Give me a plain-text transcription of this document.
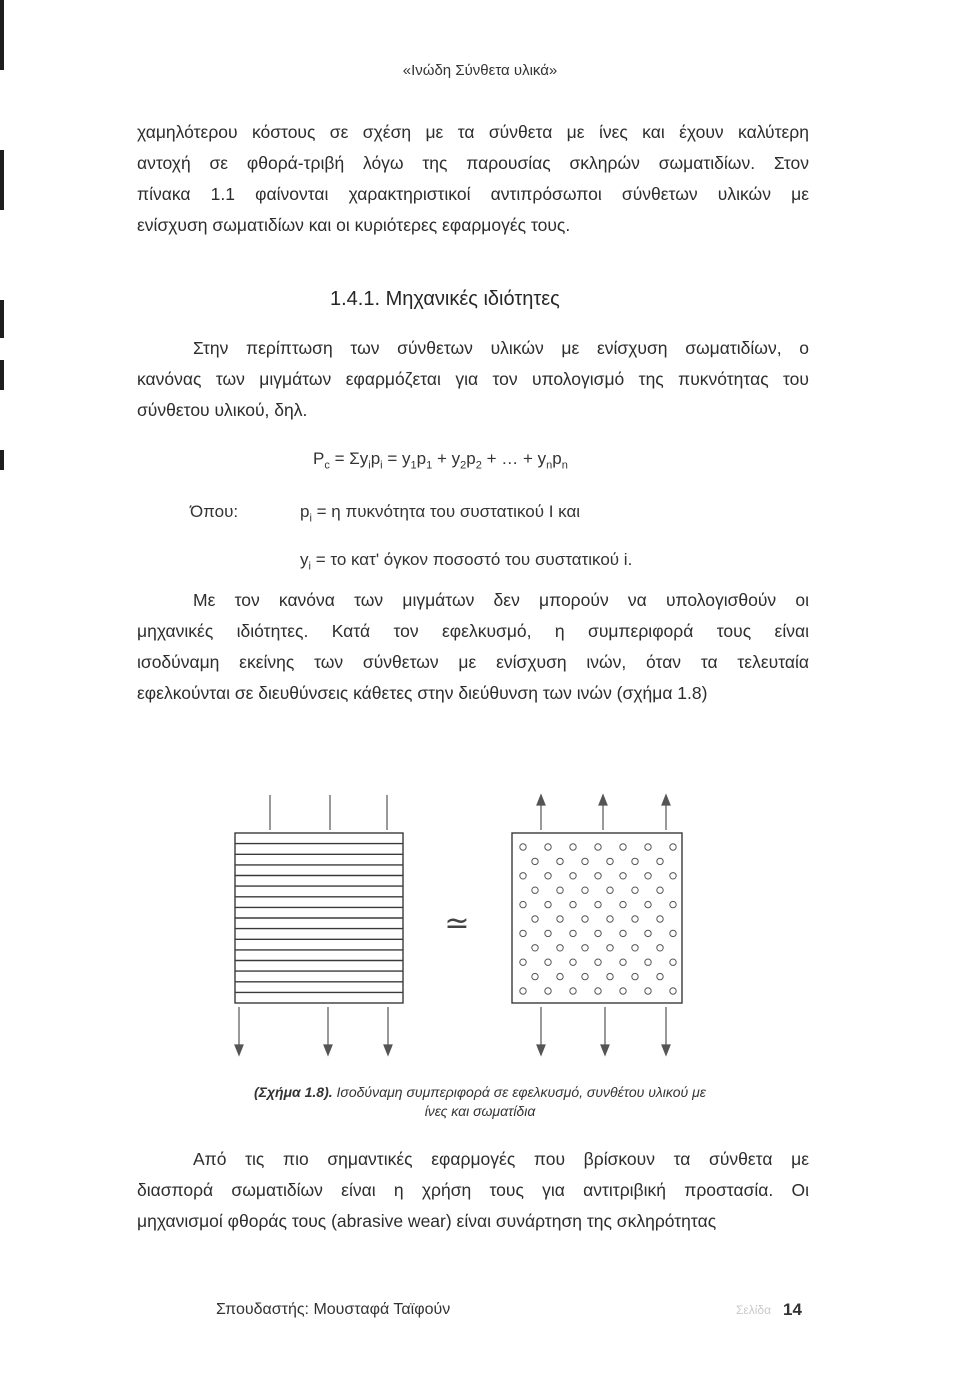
«Ινώδη Σύνθετα υλικά»

χαμηλότερου κόστους σε σχέση με τα σύνθετα με ίνες και έχουν καλύτερη
αντοχή σε φθορά-τριβή λόγω της παρουσίας σκληρών σωματιδίων. Στον
πίνακα 1.1 φαίνονται χαρακτηριστικοί αντιπρόσωποι σύνθετων υλικών με
ενίσχυση σωματιδίων και οι κυριότερες εφαρμογές τους.

1.4.1. Μηχανικές ιδιότητες

Στην περίπτωση των σύνθετων υλικών με ενίσχυση σωματιδίων, ο
κανόνας των μιγμάτων εφαρμόζεται για τον υπολογισμό της πυκνότητας του
σύνθετου υλικού, δηλ.

$P_c = \Sigma y_ip_i = y_1p_1 + y_2p_2$ + … + $y_np_n$
Όπου:	$p_i = \eta$ πυκνότητα του συστατικού I και
$y_i = \tau o$ κατ' όγκον ποσοστό του συστατικού i.

Με τον κανόνα των μιγμάτων δεν μπορούν να υπολογισθούν οι
μηχανικές ιδιότητες. Κατά τον εφελκυσμό, η συμπεριφορά τους είναι
ισοδύναμη εκείνης των σύνθετων με ενίσχυση ινών, όταν τα τελευταία
εφελκούνται σε διευθύνσεις κάθετες στην διεύθυνση των ινών (σχήμα 1.8)

≃
(Σχήμα 1.8). Ισοδύναμη συμπεριφορά σε εφελκυσμό, συνθέτου υλικού με
ίνες και σωματίδια

Από τις πιο σημαντικές εφαρμογές που βρίσκουν τα σύνθετα με
διασπορά σωματιδίων είναι η χρήση τους για αντιτριβική προστασία. Οι
μηχανισμοί φθοράς τους (abrasive wear) είναι συνάρτηση της σκληρότητας

Σπουδαστής: Μουσταφά Ταϊφούν	Σελίδα 14
